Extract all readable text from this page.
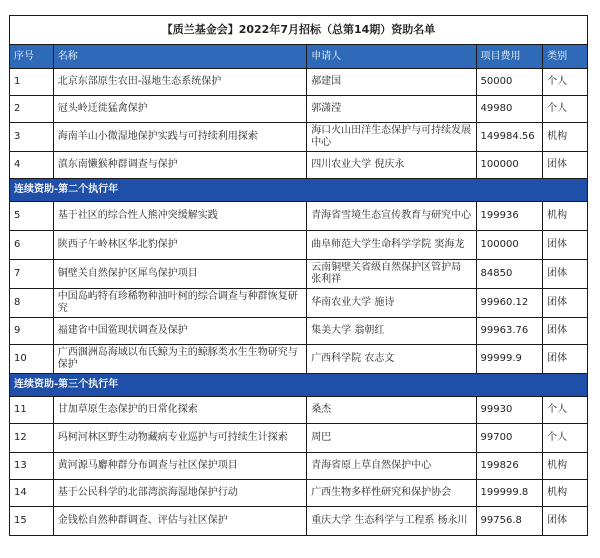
【质兰基金会】2022年7月招标（总第14期）资助名单				
序号	名称	申请人	项目费用	类别
1	北京东部原生农田-湿地生态系统保护	郝建国	50000	个人
2	冠头岭迁徙猛禽保护	郭潇滢	49980	个人
3	海南羊山小微湿地保护实践与可持续利用探索	海口火山田洋生态保护与可持续发展中心	149984.56	机构
4	滇东南懒猴种群调查与保护	四川农业大学 倪庆永	100000	团体
连续资助-第二个执行年				
5	基于社区的综合性人熊冲突缓解实践	青海省雪境生态宣传教育与研究中心	199936	机构
6	陕西子午岭林区华北豹保护	曲阜师范大学生命科学学院 窦海龙	100000	团体
7	铜壁关自然保护区犀鸟保护项目	云南铜壁关省级自然保护区管护局 张利祥	84850	团体
8	中国岛屿特有珍稀物种油叶柯的综合调查与种群恢复研究	华南农业大学 施诗	99960.12	团体
9	福建省中国鲎现状调查及保护	集美大学 翁朝红	99963.76	团体
10	广西涠洲岛海域以布氏鲸为主的鲸豚类水生生物研究与保护	广西科学院 农志文	99999.9	团体
连续资助-第三个执行年				
11	甘加草原生态保护的日常化探索	桑杰	99930	个人
12	玛柯河林区野生动物藏病专业巡护与可持续生计探索	周巴	99700	个人
13	黄河源马麝种群分布调查与社区保护项目	青海省原上草自然保护中心	199826	机构
14	基于公民科学的北部湾滨海湿地保护行动	广西生物多样性研究和保护协会	199999.8	机构
15	金钱松自然种群调查、评估与社区保护	重庆大学 生态科学与工程系 杨永川	99756.8	团体
